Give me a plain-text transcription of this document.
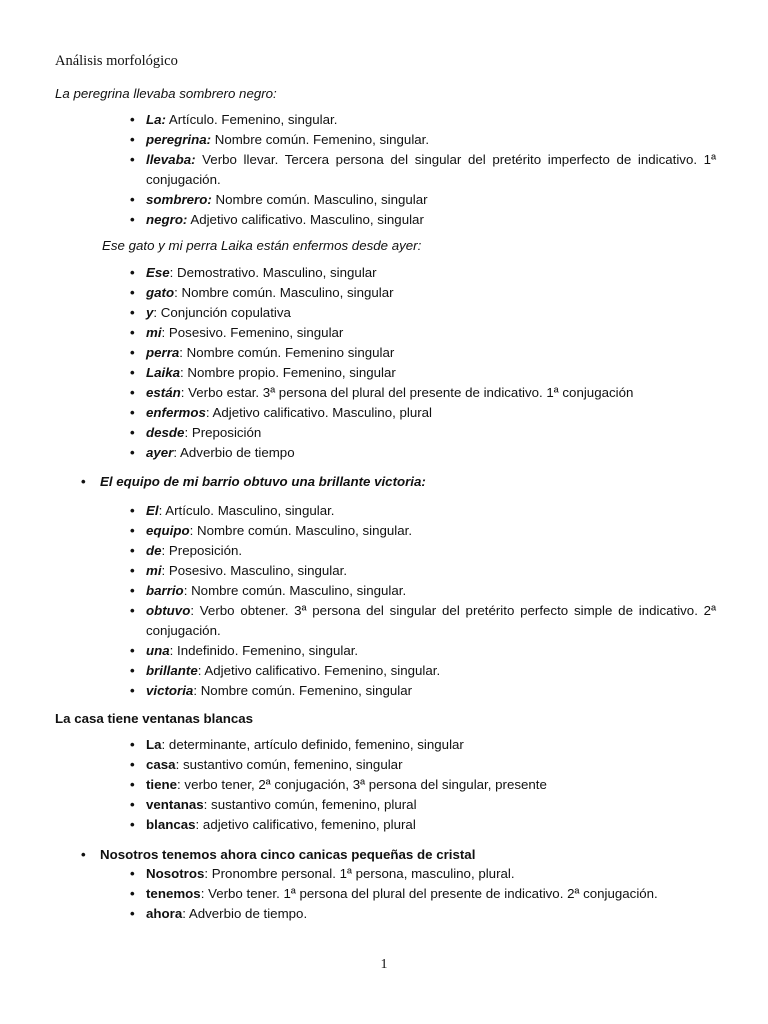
Análisis morfológico
La peregrina llevaba sombrero negro:
• La: Artículo. Femenino, singular.
• peregrina: Nombre común. Femenino, singular.
• llevaba: Verbo llevar. Tercera persona del singular del pretérito imperfecto de indicativo. 1ª conjugación.
• sombrero: Nombre común. Masculino, singular
• negro: Adjetivo calificativo. Masculino, singular
Ese gato y mi perra Laika están enfermos desde ayer:
• Ese: Demostrativo. Masculino, singular
• gato: Nombre común. Masculino, singular
• y: Conjunción copulativa
• mi: Posesivo. Femenino, singular
• perra: Nombre común. Femenino singular
• Laika: Nombre propio. Femenino, singular
• están: Verbo estar. 3ª persona del plural del presente de indicativo. 1ª conjugación
• enfermos: Adjetivo calificativo. Masculino, plural
• desde: Preposición
• ayer: Adverbio de tiempo
• El equipo de mi barrio obtuvo una brillante victoria:
• El: Artículo. Masculino, singular.
• equipo: Nombre común. Masculino, singular.
• de: Preposición.
• mi: Posesivo. Masculino, singular.
• barrio: Nombre común. Masculino, singular.
• obtuvo: Verbo obtener. 3ª persona del singular del pretérito perfecto simple de indicativo. 2ª conjugación.
• una: Indefinido. Femenino, singular.
• brillante: Adjetivo calificativo. Femenino, singular.
• victoria: Nombre común. Femenino, singular
La casa tiene ventanas blancas
• La: determinante, artículo definido, femenino, singular
• casa: sustantivo común, femenino, singular
• tiene: verbo tener, 2ª conjugación, 3ª persona del singular, presente
• ventanas: sustantivo común, femenino, plural
• blancas: adjetivo calificativo, femenino, plural
• Nosotros tenemos ahora cinco canicas pequeñas de cristal
• Nosotros: Pronombre personal. 1ª persona, masculino, plural.
• tenemos: Verbo tener. 1ª persona del plural del presente de indicativo. 2ª conjugación.
• ahora: Adverbio de tiempo.
1
